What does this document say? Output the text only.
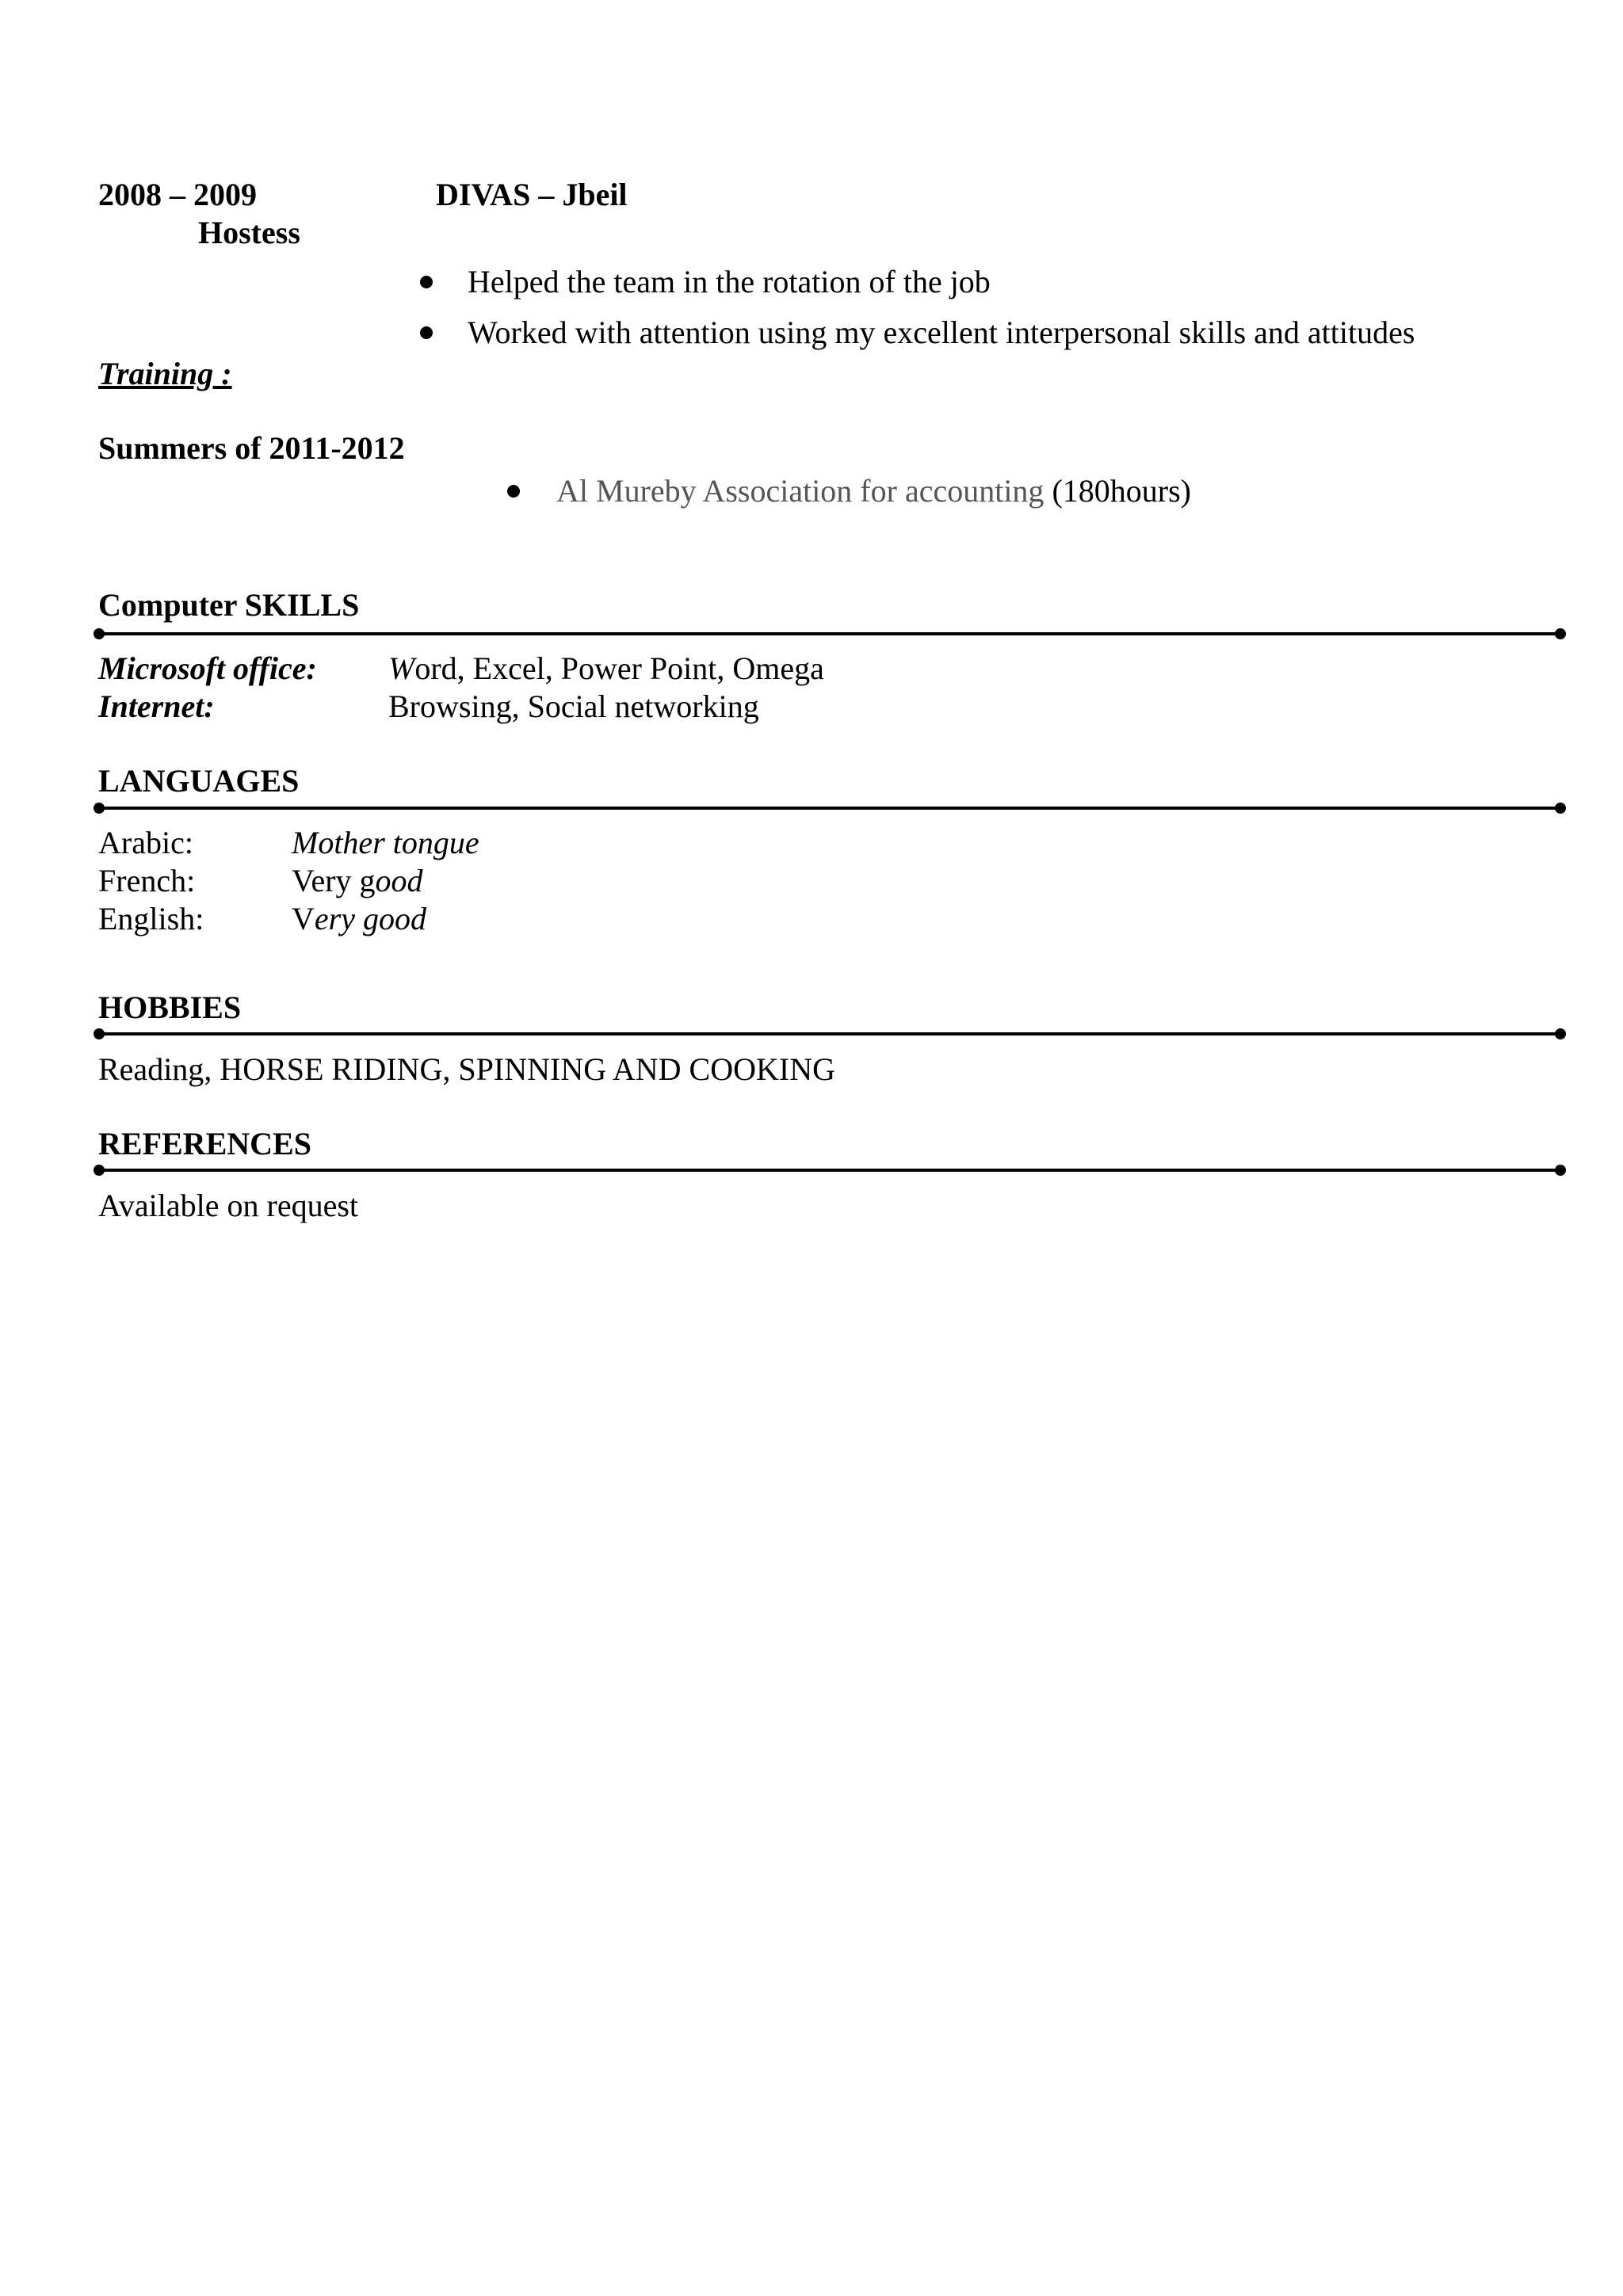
2008 – 2009	DIVAS – Jbeil
Hostess
Helped the team in the rotation of the job
Worked with attention using my excellent interpersonal skills and attitudes
Training :
Summers of 2011-2012
Al Mureby Association for accounting (180hours)
Computer SKILLS
Microsoft office: Word, Excel, Power Point, Omega
Internet:	Browsing, Social networking
LANGUAGES
Arabic:	Mother tongue
French:	Very good
English:	Very good
HOBBIES
Reading, HORSE RIDING, SPINNING AND COOKING
REFERENCES
Available on request
